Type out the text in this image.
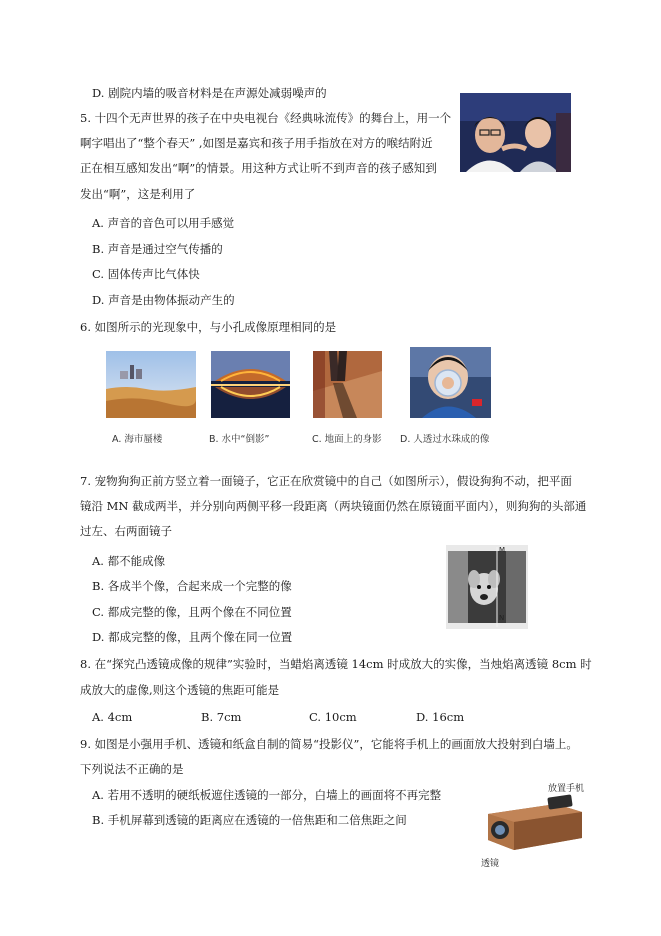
D. 剧院内墙的吸音材料是在声源处减弱噪声的
5. 十四个无声世界的孩子在中央电视台《经典咏流传》的舞台上，用一个
啊字唱出了“整个春天” ,如图是嘉宾和孩子用手指放在对方的喉结附近
正在相互感知发出“啊”的情景。用这种方式让听不到声音的孩子感知到
发出“啊”，这是利用了
A. 声音的音色可以用手感觉
B. 声音是通过空气传播的
C. 固体传声比气体快
D. 声音是由物体振动产生的
6. 如图所示的光现象中，与小孔成像原理相同的是
A. 海市蜃楼	B. 水中“倒影”	C. 地面上的身影 D. 人透过水珠成的像
7. 宠物狗狗正前方竖立着一面镜子，它正在欣赏镜中的自己（如图所示），假设狗狗不动，把平面
镜沿 MN 截成两半，并分别向两侧平移一段距离（两块镜面仍然在原镜面平面内），则狗狗的头部通
过左、右两面镜子
A. 都不能成像
B. 各成半个像，合起来成一个完整的像
C. 都成完整的像，且两个像在不同位置
D. 都成完整的像，且两个像在同一位置
M
N
8. 在“探究凸透镜成像的规律”实验时，当蜡焰离透镜 14cm 时成放大的实像，当烛焰离透镜 8cm 时
成放大的虚像,则这个透镜的焦距可能是
A. 4cm	B. 7cm	C. 10cm	D. 16cm
9. 如图是小强用手机、透镜和纸盒自制的简易“投影仪”，它能将手机上的画面放大投射到白墙上。
下列说法不正确的是
A. 若用不透明的硬纸板遮住透镜的一部分，白墙上的画面将不再完整
B. 手机屏幕到透镜的距离应在透镜的一倍焦距和二倍焦距之间
放置手机
透镜
